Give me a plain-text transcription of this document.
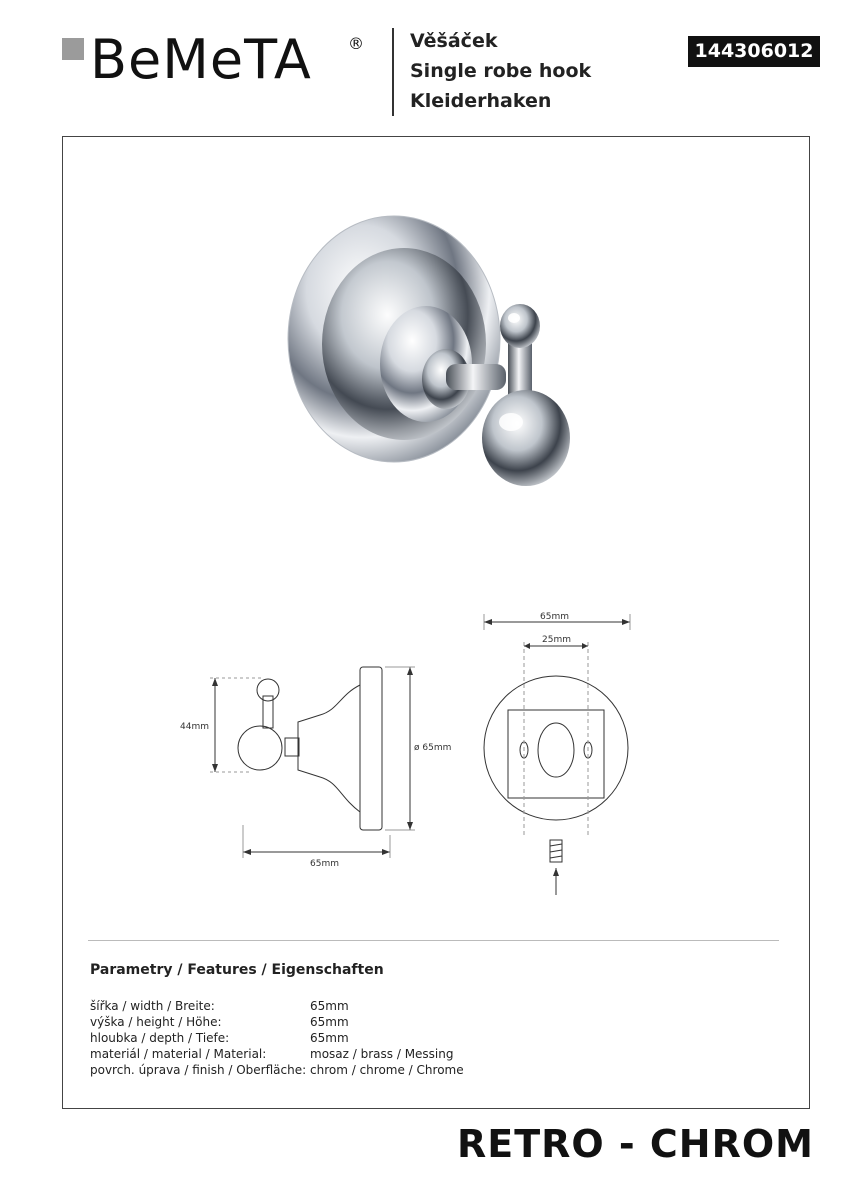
BeMeTA ® Věšáček
Single robe hook
Kleiderhaken
144306012
44mm
ø 65mm
65mm
65mm
25mm
Parametry / Features / Eigenschaften
šířka / width / Breite:	65mm
výška / height / Höhe:	65mm
hloubka / depth / Tiefe:	65mm
materiál / material / Material:	mosaz / brass / Messing
povrch. úprava / finish / Oberfläche: chrom / chrome / Chrome
RETRO - CHROM
